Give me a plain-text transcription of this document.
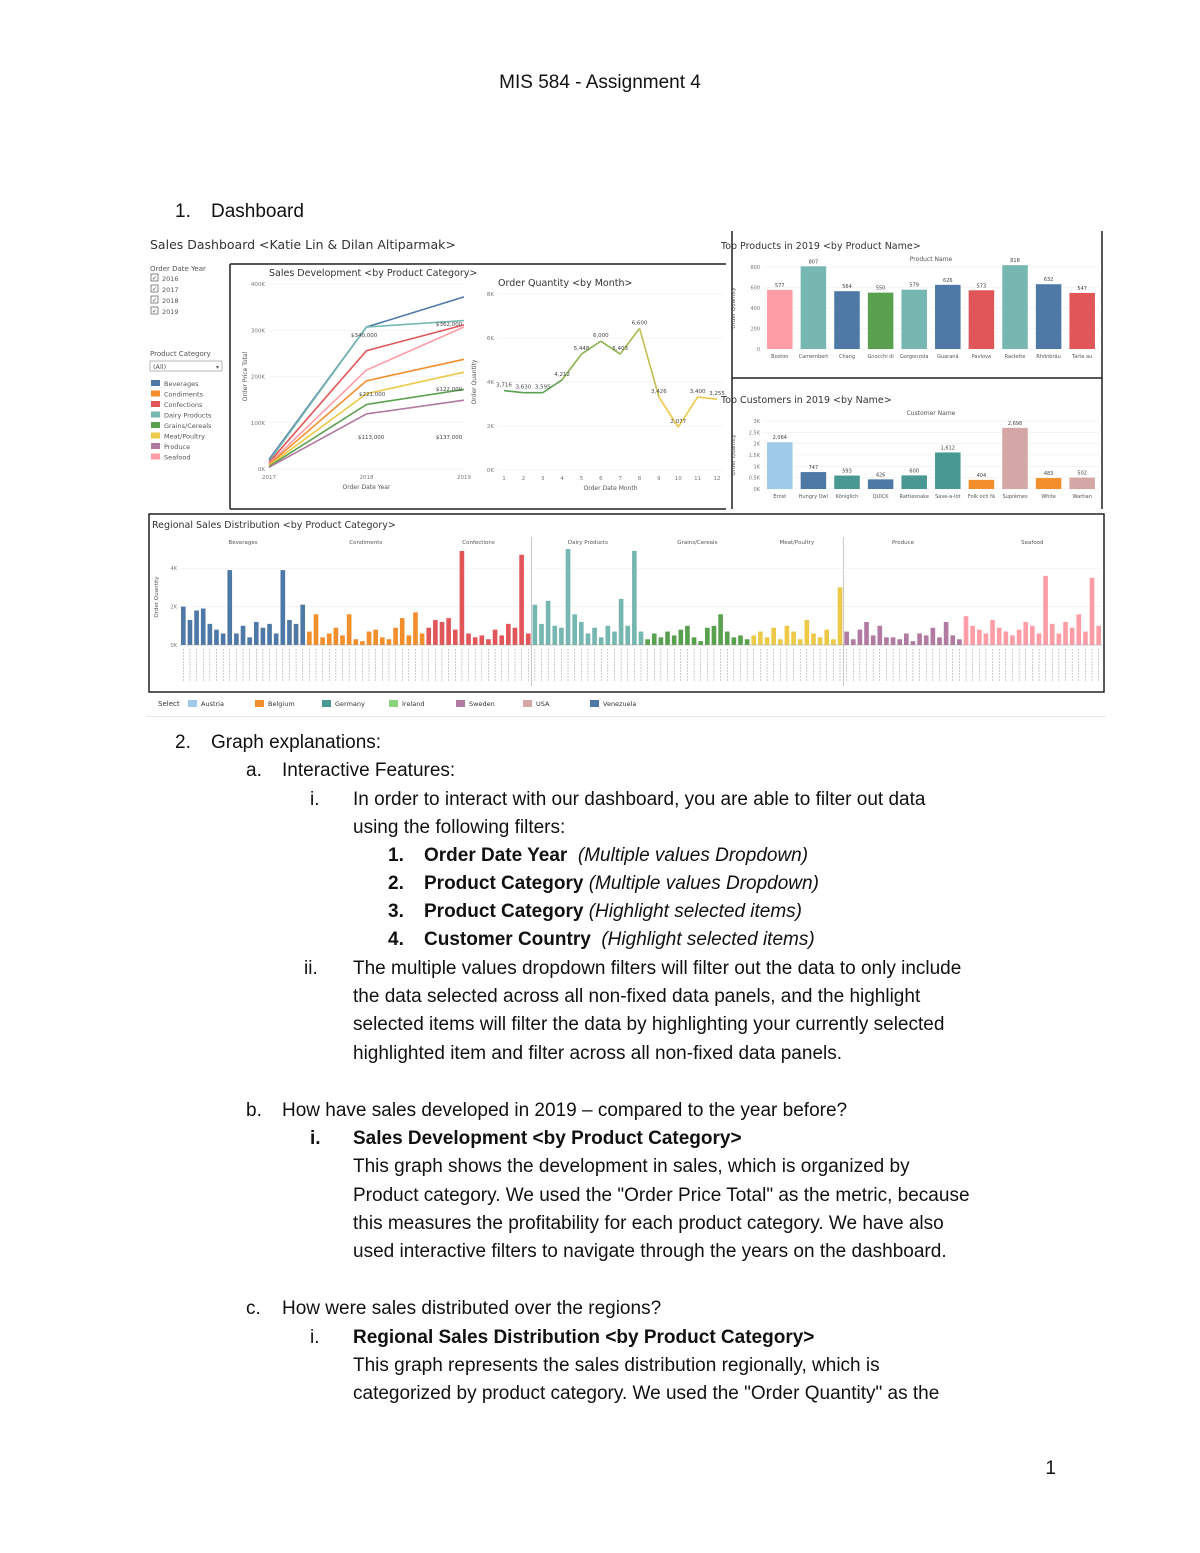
MIS 584 - Assignment 4
1. Dashboard
Sales Dashboard <Katie Lin & Dilan Altiparmak>
Order Date Year
✓ 2016
✓ 2017
✓ 2018
✓ 2019
Product Category
(All)	▾
Beverages
Condiments
Confections
Dairy Products
Grains/Cereals
Meat/Poultry
Produce
Seafood
Sales Development <by Product Category>
0K
100K
200K
300K
400K
2017	2018	2019
Order Date Year
Order Price Total
$340,000
$362,000
$221,000
$122,000
$113,000	$137,000
Order Quantity <by Month>
0K
2K
4K
6K
8K
1	2	3	4	5	6	7	8	9	10 11 12
Order Date Month
Order Quantity	3,716 3,630 3,595
4,212
5,448
6,000
5,403
6,600
3,426
2,077
3,400 3,255
Top Products in 2019 <by Product Name>
Product Name
0
200
400
600
800
Order Quantity
577
Boston
807
Camembert
564
Chang
550
Gnocchi di
579
Gorgonzola
626
Guaraná
573
Pavlova
818
Raclette
632
Rhönbräu
547
Tarte au
Top Customers in 2019 <by Name>
Customer Name
0K
0.5K
1K
1.5K
2K
2.5K
3K
Order Quantity	2,064
Ernst
747
Hungry Owl
593
Königlich
426
QUICK
600
Rattlesnake
1,612
Save-a-lot
404
Folk och fä
2,698
Suprêmes
483
White
502
Wartian
Regional Sales Distribution <by Product Category>
0K
2K
4K
Order Quantity
Beverages	Condiments	Confections	Dairy Products	Grains/Cereals	Meat/Poultry	Produce	Seafood
Select	Austria	Belgium	Germany	Ireland	Sweden	USA	Venezuela
2. Graph explanations:
a. Interactive Features:
i. In order to interact with our dashboard, you are able to filter out data
using the following filters:
1. Order Date Year (Multiple values Dropdown)
2. Product Category (Multiple values Dropdown)
3. Product Category (Highlight selected items)
4. Customer Country (Highlight selected items)
ii. The multiple values dropdown filters will filter out the data to only include
the data selected across all non-fixed data panels, and the highlight
selected items will filter the data by highlighting your currently selected
highlighted item and filter across all non-fixed data panels.
b. How have sales developed in 2019 – compared to the year before?
i. Sales Development <by Product Category>
This graph shows the development in sales, which is organized by
Product category. We used the "Order Price Total" as the metric, because
this measures the profitability for each product category. We have also
used interactive filters to navigate through the years on the dashboard.
c. How were sales distributed over the regions?
i. Regional Sales Distribution <by Product Category>
This graph represents the sales distribution regionally, which is
categorized by product category. We used the "Order Quantity" as the
1
